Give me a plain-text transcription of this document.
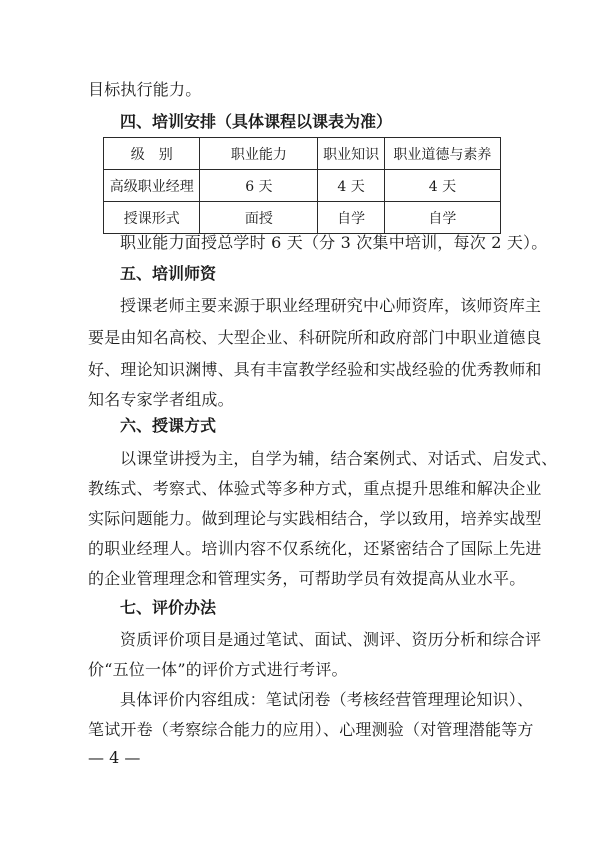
目标执行能力。
四、培训安排（具体课程以课表为准）
级　别	职业能力	职业知识	职业道德与素养
高级职业经理	6 天	4 天	4 天
授课形式	面授	自学	自学
职业能力面授总学时 6 天（分 3 次集中培训，每次 2 天）。
五、培训师资
授课老师主要来源于职业经理研究中心师资库，该师资库主
要是由知名高校、大型企业、科研院所和政府部门中职业道德良
好、理论知识渊博、具有丰富教学经验和实战经验的优秀教师和
知名专家学者组成。
六、授课方式
以课堂讲授为主，自学为辅，结合案例式、对话式、启发式、
教练式、考察式、体验式等多种方式，重点提升思维和解决企业
实际问题能力。做到理论与实践相结合，学以致用，培养实战型
的职业经理人。培训内容不仅系统化，还紧密结合了国际上先进
的企业管理理念和管理实务，可帮助学员有效提高从业水平。
七、评价办法
资质评价项目是通过笔试、面试、测评、资历分析和综合评
价“五位一体”的评价方式进行考评。
具体评价内容组成：笔试闭卷（考核经营管理理论知识）、
笔试开卷（考察综合能力的应用）、心理测验（对管理潜能等方
— 4 —
